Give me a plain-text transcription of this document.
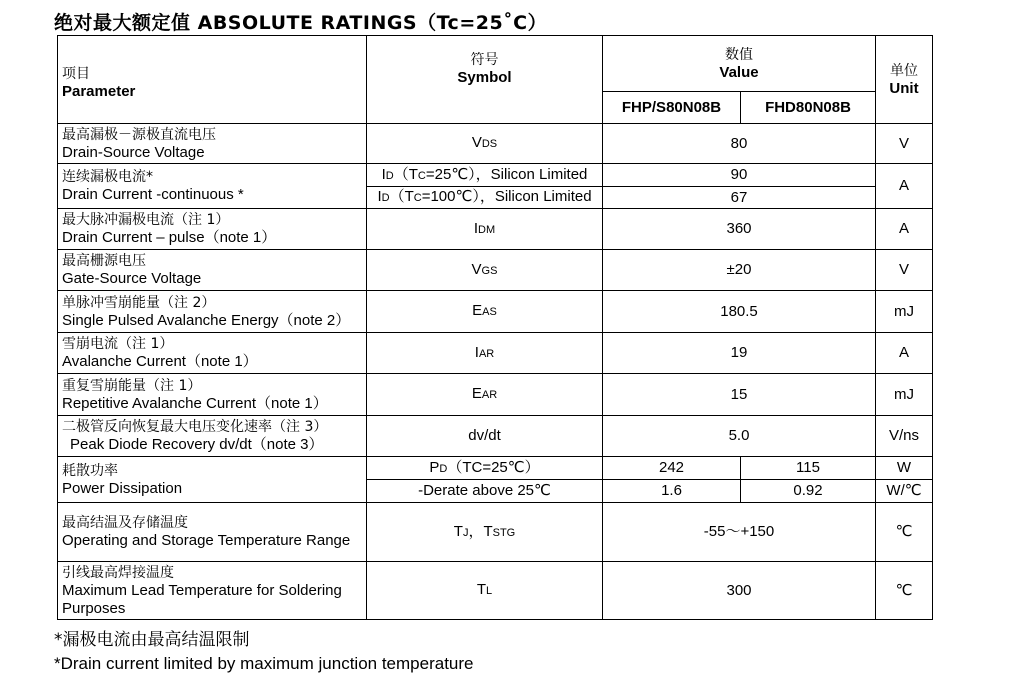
绝对最大额定值 ABSOLUTE RATINGS（Tc=25˚C）
项目
Parameter	符号
Symbol	数值
Value		单位
Unit

		FHP/S80N08B	FHD80N08B	

最高漏极－源极直流电压
Drain-Source Voltage	VDS	80		V

连续漏极电流*
Drain Current -continuous *	ID（TC=25℃），Silicon Limited	90		A
	ID（TC=100℃），Silicon Limited	67		

最大脉冲漏极电流（注 1）
Drain Current – pulse（note 1）	IDM	360		A

最高栅源电压
Gate-Source Voltage	VGS	±20		V

单脉冲雪崩能量（注 2）
Single Pulsed Avalanche Energy（note 2）	EAS	180.5		mJ

雪崩电流（注 1）
Avalanche Current（note 1）	IAR	19		A

重复雪崩能量（注 1）
Repetitive Avalanche Current（note 1）	EAR	15		mJ

二极管反向恢复最大电压变化速率（注 3）
Peak Diode Recovery dv/dt（note 3）	dv/dt	5.0		V/ns

耗散功率
Power Dissipation	PD（TC=25℃）	242	115	W
	-Derate above 25℃	1.6	0.92	W/℃

最高结温及存储温度
Operating and Storage Temperature Range	TJ，TSTG	-55～+150		℃

引线最高焊接温度
Maximum Lead Temperature for Soldering Purposes	TL	300		℃
*漏极电流由最高结温限制
*Drain current limited by maximum junction temperature
